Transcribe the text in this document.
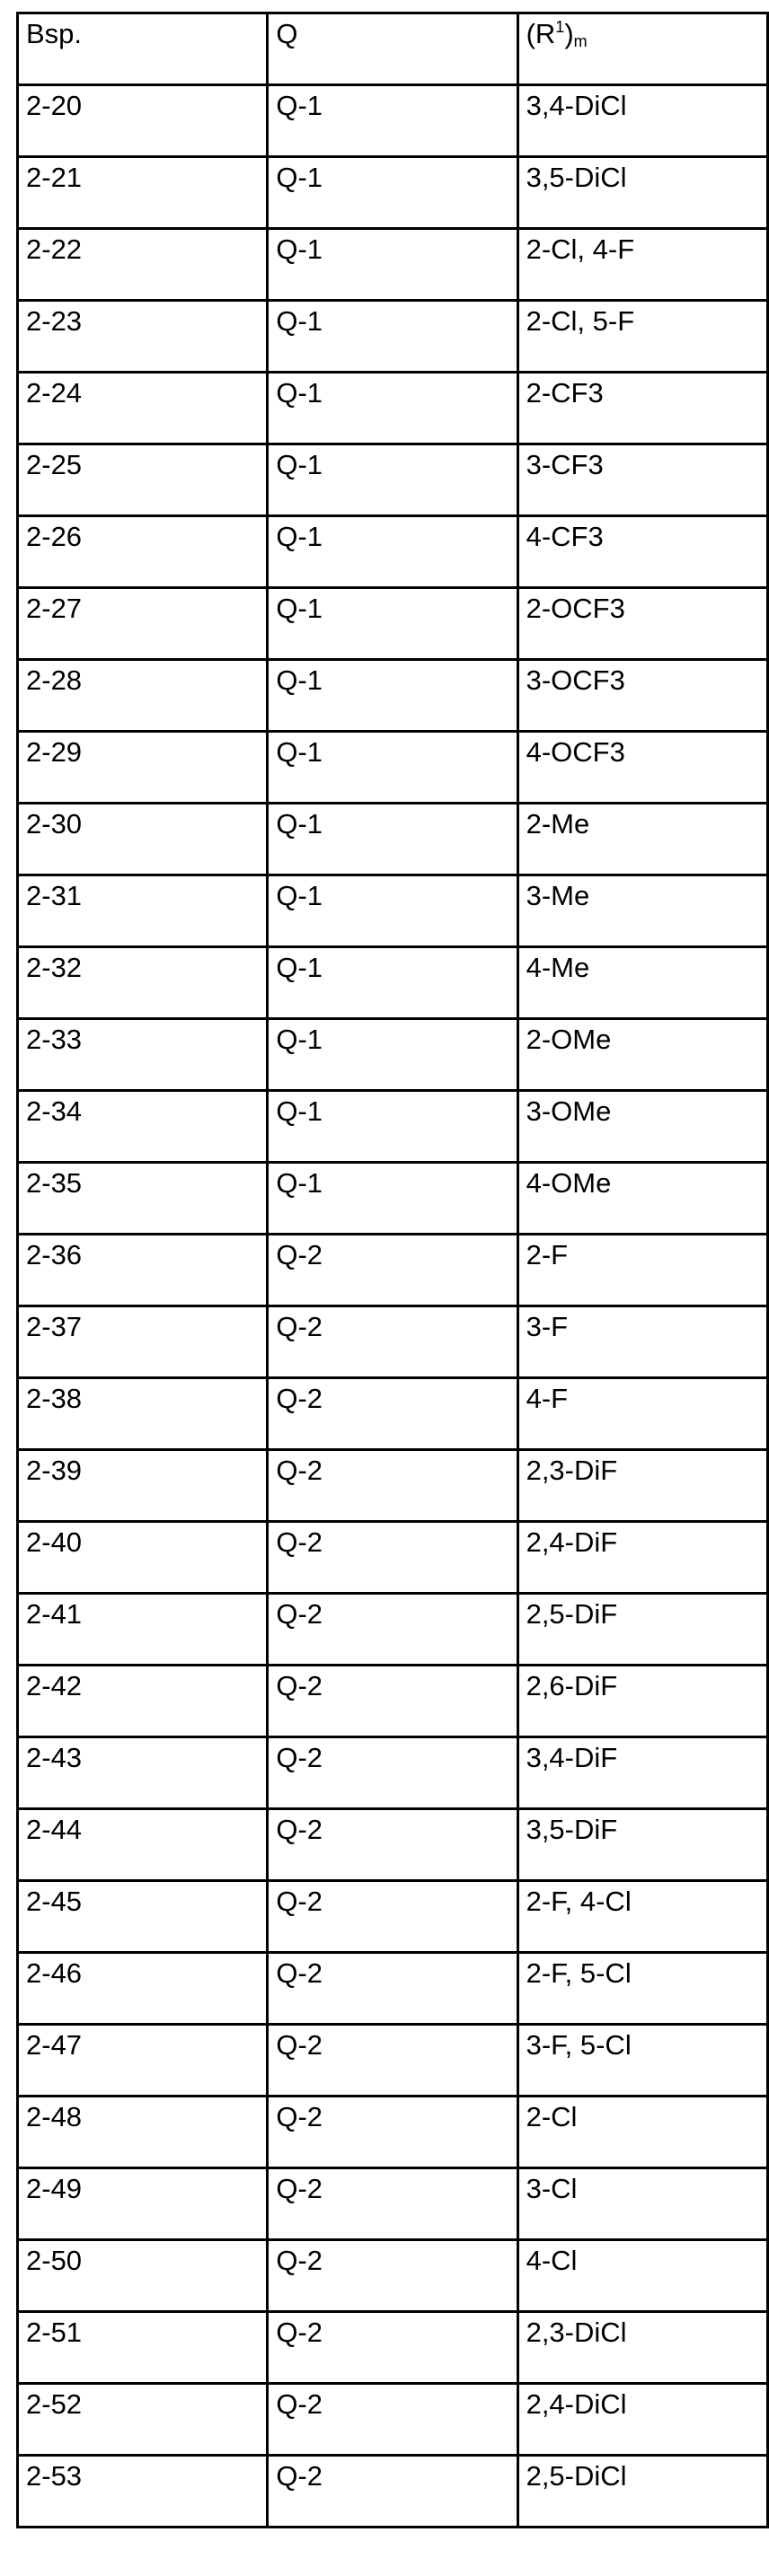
Bsp.	Q	(R1)m
2-20	Q-1	3,4-DiCl
2-21	Q-1	3,5-DiCl
2-22	Q-1	2-Cl, 4-F
2-23	Q-1	2-Cl, 5-F
2-24	Q-1	2-CF3
2-25	Q-1	3-CF3
2-26	Q-1	4-CF3
2-27	Q-1	2-OCF3
2-28	Q-1	3-OCF3
2-29	Q-1	4-OCF3
2-30	Q-1	2-Me
2-31	Q-1	3-Me
2-32	Q-1	4-Me
2-33	Q-1	2-OMe
2-34	Q-1	3-OMe
2-35	Q-1	4-OMe
2-36	Q-2	2-F
2-37	Q-2	3-F
2-38	Q-2	4-F
2-39	Q-2	2,3-DiF
2-40	Q-2	2,4-DiF
2-41	Q-2	2,5-DiF
2-42	Q-2	2,6-DiF
2-43	Q-2	3,4-DiF
2-44	Q-2	3,5-DiF
2-45	Q-2	2-F, 4-Cl
2-46	Q-2	2-F, 5-Cl
2-47	Q-2	3-F, 5-Cl
2-48	Q-2	2-Cl
2-49	Q-2	3-Cl
2-50	Q-2	4-Cl
2-51	Q-2	2,3-DiCl
2-52	Q-2	2,4-DiCl
2-53	Q-2	2,5-DiCl
